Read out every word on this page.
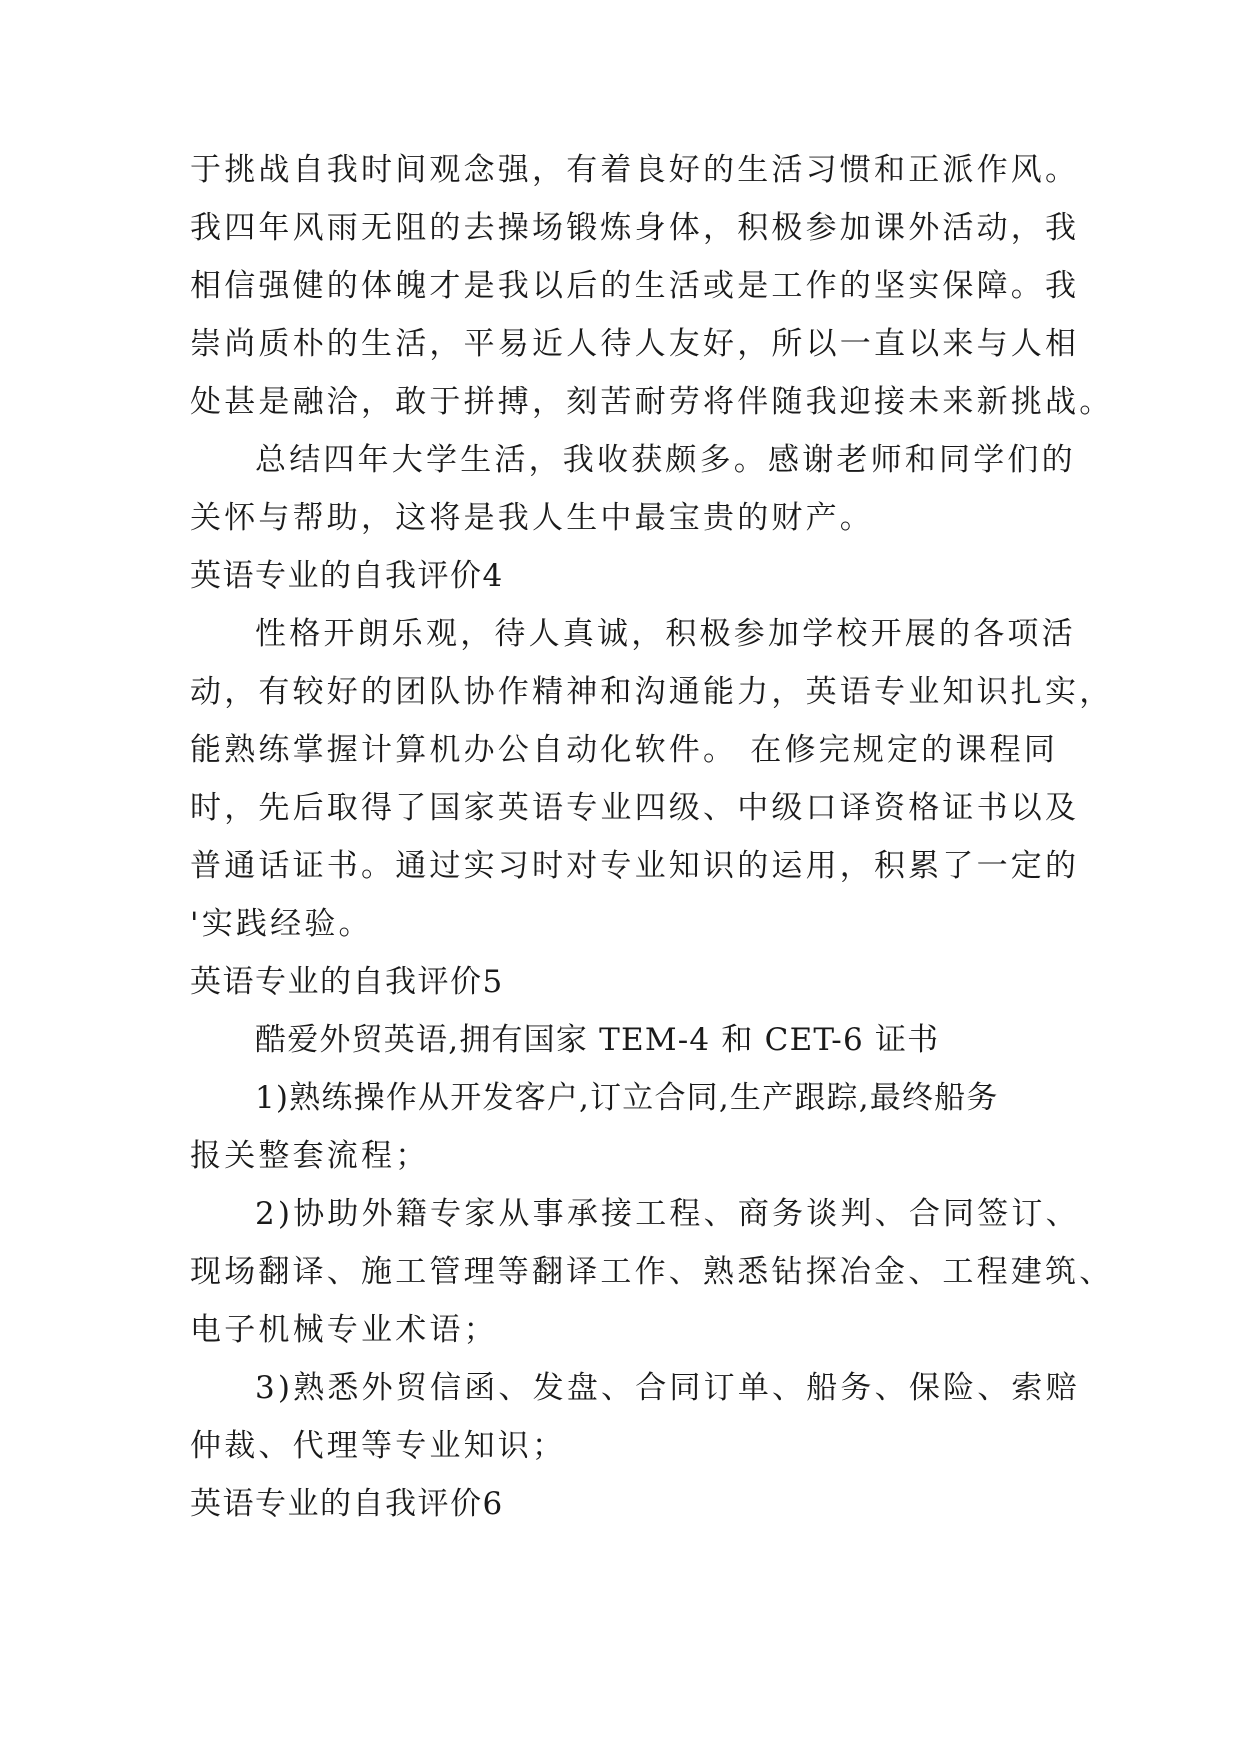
于挑战自我时间观念强，有着良好的生活习惯和正派作风。
我四年风雨无阻的去操场锻炼身体，积极参加课外活动，我
相信强健的体魄才是我以后的生活或是工作的坚实保障。我
崇尚质朴的生活，平易近人待人友好，所以一直以来与人相
处甚是融洽，敢于拼搏，刻苦耐劳将伴随我迎接未来新挑战。
总结四年大学生活，我收获颇多。感谢老师和同学们的
关怀与帮助，这将是我人生中最宝贵的财产。
英语专业的自我评价4
性格开朗乐观，待人真诚，积极参加学校开展的各项活
动，有较好的团队协作精神和沟通能力，英语专业知识扎实，
能熟练掌握计算机办公自动化软件。 在修完规定的课程同
时，先后取得了国家英语专业四级、中级口译资格证书以及
普通话证书。通过实习时对专业知识的运用，积累了一定的
'实践经验。
英语专业的自我评价5
酷爱外贸英语,拥有国家 TEM-4 和 CET-6 证书
1)熟练操作从开发客户,订立合同,生产跟踪,最终船务
报关整套流程；
2)协助外籍专家从事承接工程、商务谈判、合同签订、
现场翻译、施工管理等翻译工作、熟悉钻探冶金、工程建筑、
电子机械专业术语；
3)熟悉外贸信函、发盘、合同订单、船务、保险、索赔
仲裁、代理等专业知识；
英语专业的自我评价6
